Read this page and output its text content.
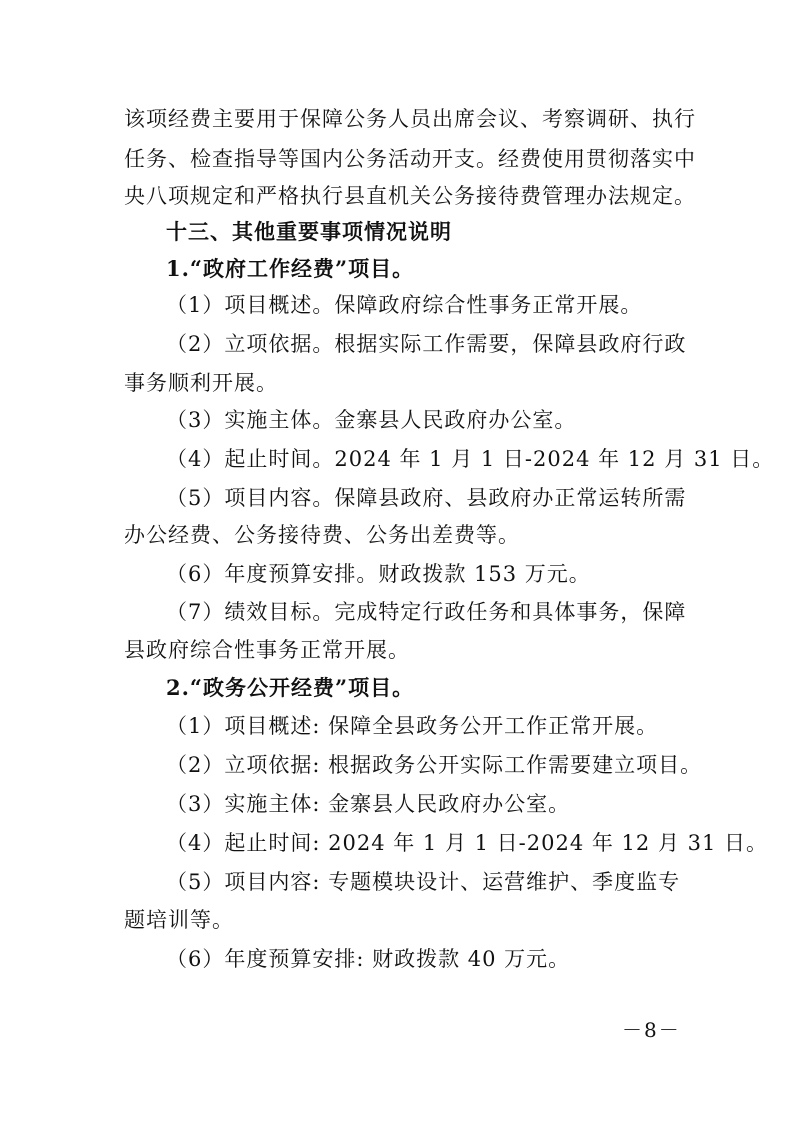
该项经费主要用于保障公务人员出席会议、考察调研、执行
任务、检查指导等国内公务活动开支。经费使用贯彻落实中
央八项规定和严格执行县直机关公务接待费管理办法规定。
十三、其他重要事项情况说明
1.“政府工作经费”项目。
（1）项目概述。保障政府综合性事务正常开展。
（2）立项依据。根据实际工作需要，保障县政府行政
事务顺利开展。
（3）实施主体。金寨县人民政府办公室。
（4）起止时间。2024 年 1 月 1 日-2024 年 12 月 31 日。
（5）项目内容。保障县政府、县政府办正常运转所需
办公经费、公务接待费、公务出差费等。
（6）年度预算安排。财政拨款 153 万元。
（7）绩效目标。完成特定行政任务和具体事务，保障
县政府综合性事务正常开展。
2.“政务公开经费”项目。
（1）项目概述: 保障全县政务公开工作正常开展。
（2）立项依据: 根据政务公开实际工作需要建立项目。
（3）实施主体: 金寨县人民政府办公室。
（4）起止时间: 2024 年 1 月 1 日-2024 年 12 月 31 日。
（5）项目内容: 专题模块设计、运营维护、季度监专
题培训等。
（6）年度预算安排: 财政拨款 40 万元。
－8－
